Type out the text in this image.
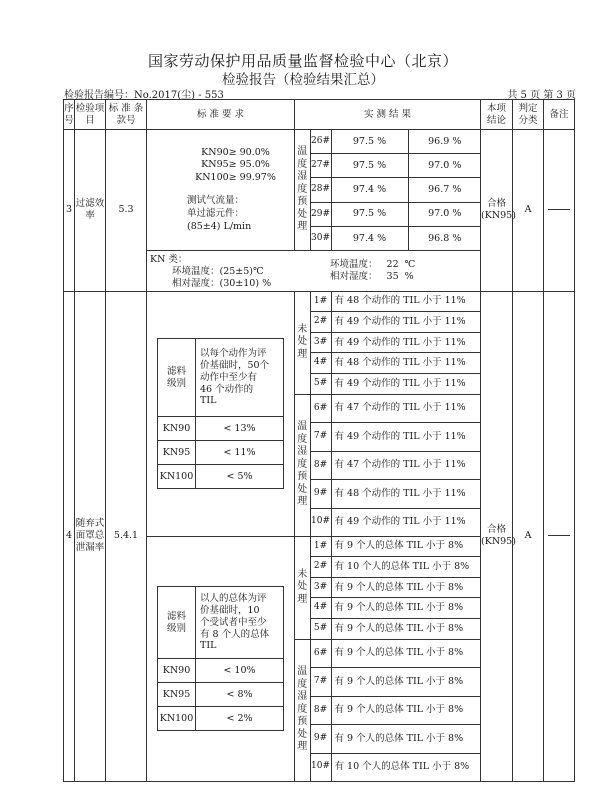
国家劳动保护用品质量监督检验中心（北京）
检验报告（检验结果汇总）
检验报告编号：No.2017(尘) - 553	共 5 页 第 3 页
序号	检验项目	标 准 条款号	标 准 要 求	实 测 结 果	本项 结论	判定 分类	备注
3	过滤效率	5.3	
KN90≥ 90.0%
KN95≥ 95.0%
KN100≥ 99.97%
测试气流量：
单过滤元件：
(85±4) L/min

温度湿度预处理
	26#	97.5 %	96.9 %
27#	97.5 %	97.0 %
28#	97.4 %	96.7 %
29#	97.5 %	97.0 %
30#	97.4 %	96.8 %
	合格 (KN95)	A	

KN 类：
环境温度：(25±5)℃
相对湿度：(30±10) %
环境温度：   22  ℃
相对湿度：   35  %

4	随弃式面罩总泄漏率	5.4.1	
滤料级别

以每个动作为评价基础时，50个动作中至少有 46 个动作的 TIL

KN90	< 13%
KN95	< 11%
KN100	< 5%

未处理
	1#	有 48 个动作的 TIL 小于 11%
2#	有 49 个动作的 TIL 小于 11%
3#	有 49 个动作的 TIL 小于 11%
4#	有 48 个动作的 TIL 小于 11%
5#	有 49 个动作的 TIL 小于 11%

温度湿度预处理
	6#	有 47 个动作的 TIL 小于 11%
7#	有 49 个动作的 TIL 小于 11%
8#	有 47 个动作的 TIL 小于 11%
9#	有 48 个动作的 TIL 小于 11%
10#	有 49 个动作的 TIL 小于 11%
	合格 (KN95)	A	

滤料级别

以人的总体为评价基础时，10 个受试者中至少有 8 个人的总体 TIL

KN90	< 10%
KN95	< 8%
KN100	< 2%

未处理
	1#	有 9 个人的总体 TIL 小于 8%
2#	有 10 个人的总体 TIL 小于 8%
3#	有 9 个人的总体 TIL 小于 8%
4#	有 9 个人的总体 TIL 小于 8%
5#	有 9 个人的总体 TIL 小于 8%

温度湿度预处理
	6#	有 9 个人的总体 TIL 小于 8%
7#	有 9 个人的总体 TIL 小于 8%
8#	有 9 个人的总体 TIL 小于 8%
9#	有 9 个人的总体 TIL 小于 8%
10#	有 10 个人的总体 TIL 小于 8%
